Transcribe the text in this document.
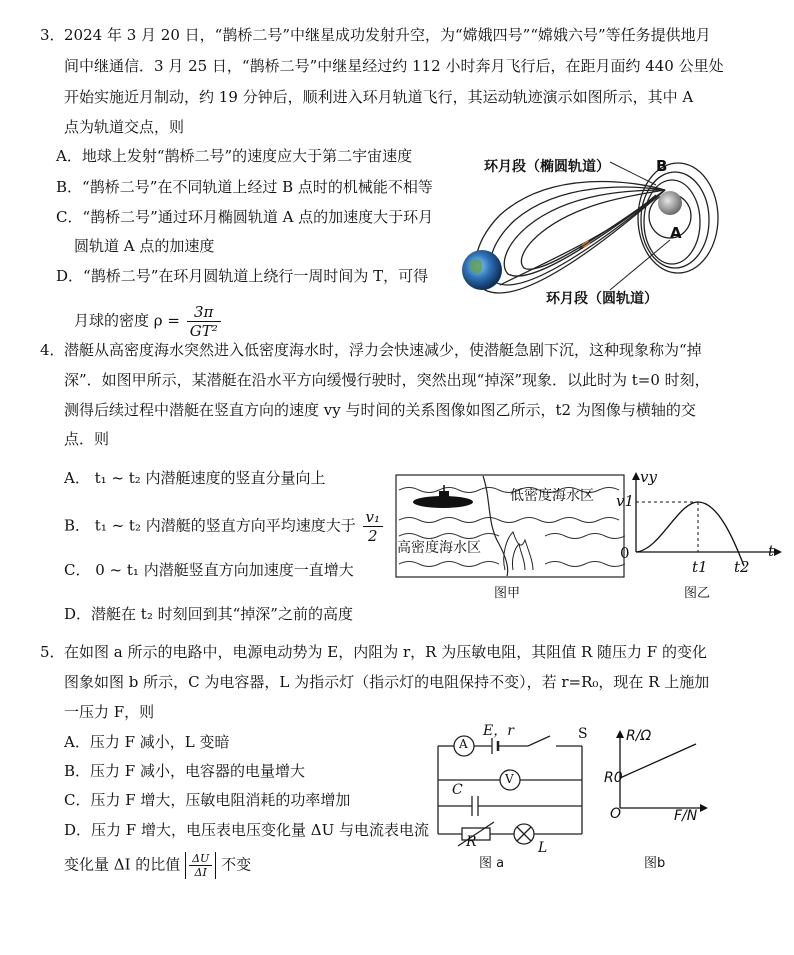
3． 2024 年 3 月 20 日，“鹊桥二号”中继星成功发射升空，为“嫦娥四号”“嫦娥六号”等任务提供地月
间中继通信．3 月 25 日，“鹊桥二号”中继星经过约 112 小时奔月飞行后，在距月面约 440 公里处
开始实施近月制动，约 19 分钟后，顺利进入环月轨道飞行，其运动轨迹演示如图所示，其中 A
点为轨道交点，则
A．地球上发射“鹊桥二号”的速度应大于第二宇宙速度
B．“鹊桥二号”在不同轨道上经过 B 点时的机械能不相等
C．“鹊桥二号”通过环月椭圆轨道 A 点的加速度大于环月
圆轨道 A 点的加速度
D．“鹊桥二号”在环月圆轨道上绕行一周时间为 T，可得
月球的密度 $\rho = \frac{3\pi}{\text{GT²}}$
环月段（椭圆轨道）	B
A
环月段（圆轨道）
4． 潜艇从高密度海水突然进入低密度海水时，浮力会快速减少，使潜艇急剧下沉，这种现象称为“掉
深”．如图甲所示，某潜艇在沿水平方向缓慢行驶时，突然出现“掉深”现象．以此时为 t=0 时刻，
测得后续过程中潜艇在竖直方向的速度 vy 与时间的关系图像如图乙所示，t2 为图像与横轴的交
点．则
A． t₁ ~ t₂ 内潜艇速度的竖直分量向上
B． t₁ ~ t₂ 内潜艇的竖直方向平均速度大于 $\frac{\text{v₁}}{2}$
C． 0 ~ t₁ 内潜艇竖直方向加速度一直增大
D．潜艇在 t₂ 时刻回到其“掉深”之前的高度
低密度海水区
高密度海水区
图甲
vy
v1
0
t1 t2
t
图乙
5． 在如图 a 所示的电路中，电源电动势为 E，内阻为 r，R 为压敏电阻，其阻值 R 随压力 F 的变化
图象如图 b 所示，C 为电容器，L 为指示灯（指示灯的电阻保持不变），若 r=R₀，现在 R 上施加
一压力 F，则
A．压力 F 减小，L 变暗
B．压力 F 减小，电容器的电量增大
C．压力 F 增大，压敏电阻消耗的功率增加
D．压力 F 增大，电压表电压变化量 ΔU 与电流表电流
变化量 ΔI 的比值 $\frac{\Delta U}{\Delta I}$ 不变
A
E，r	S
V
C
R	L
图 a
R/Ω
R0
O	F/N
图b
